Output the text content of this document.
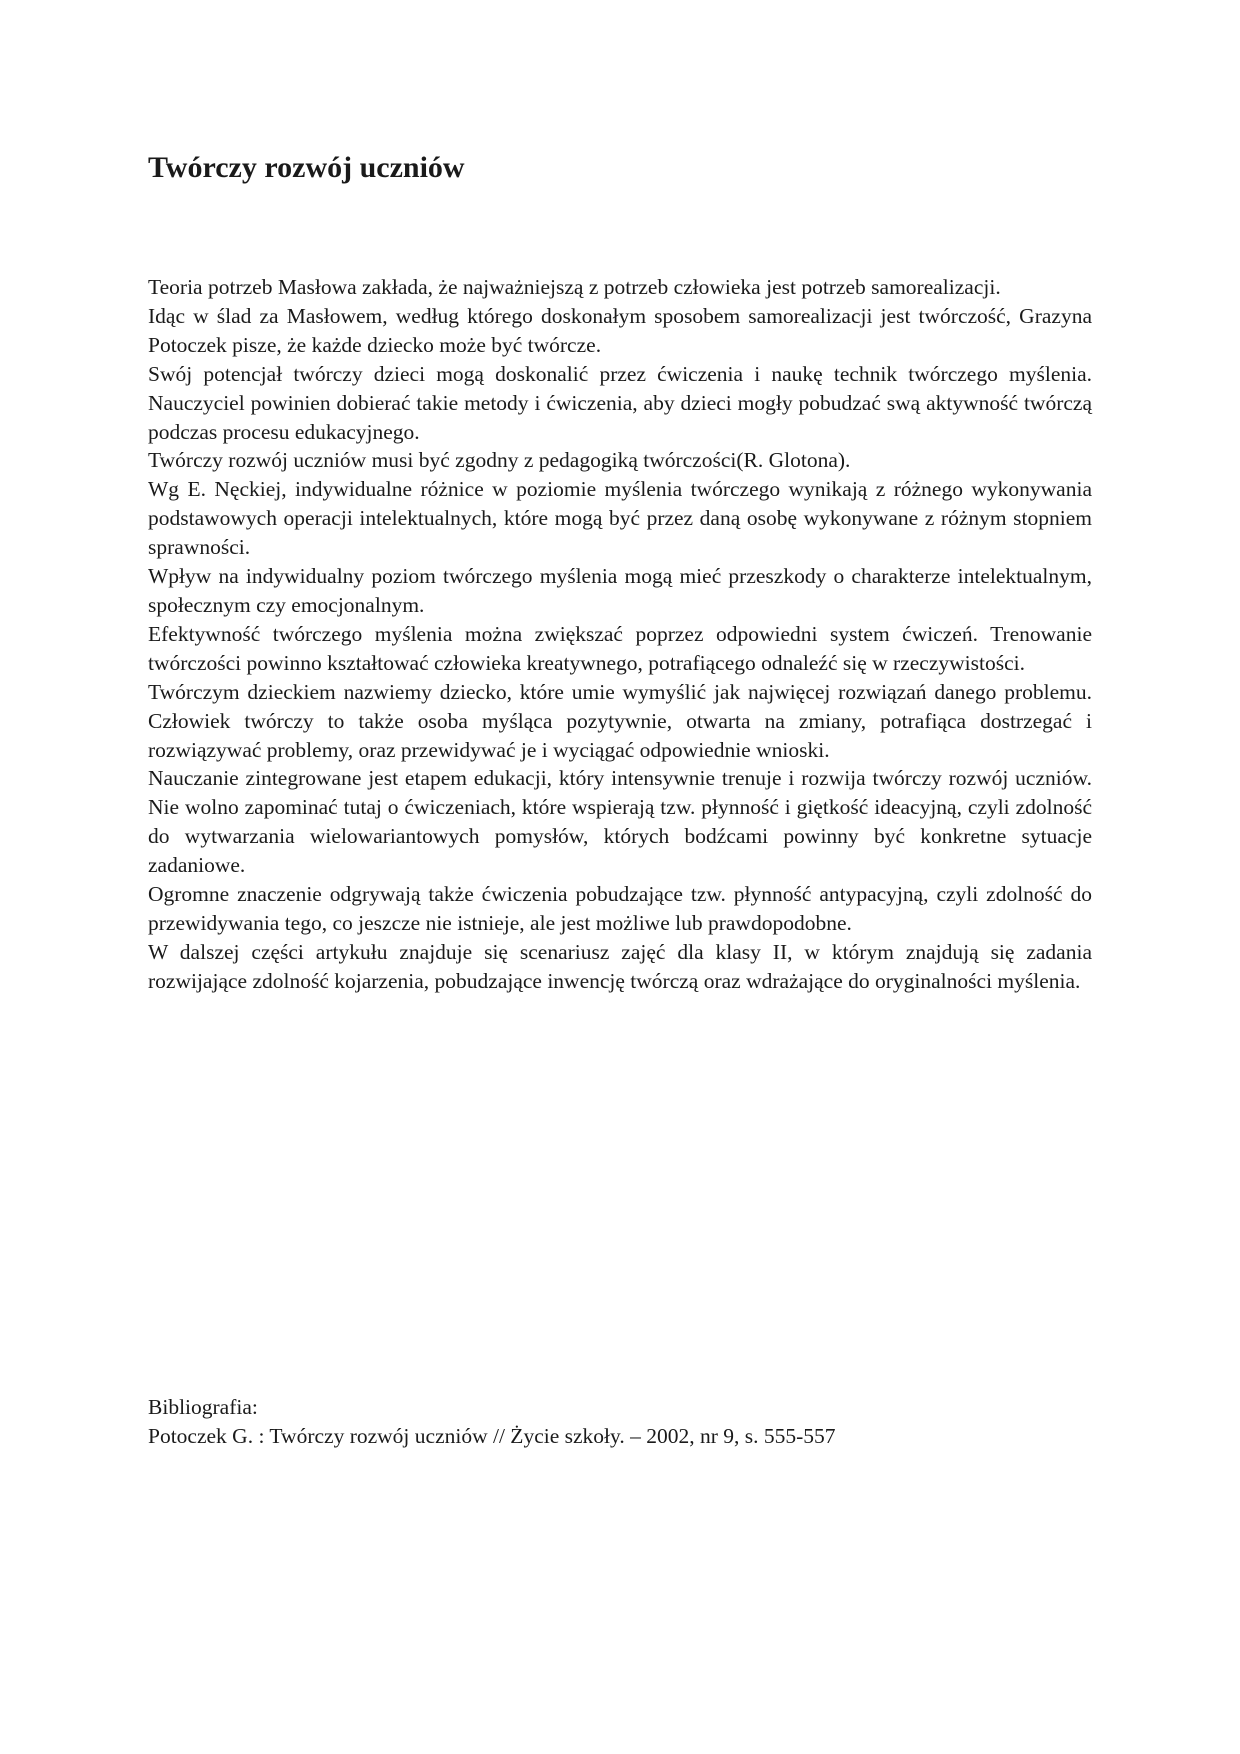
Twórczy rozwój uczniów

Teoria potrzeb Masłowa zakłada, że najważniejszą z potrzeb człowieka jest potrzeb samorealizacji.

Idąc w ślad za Masłowem, według którego doskonałym sposobem samorealizacji jest twórczość, Grazyna Potoczek pisze, że każde dziecko może być twórcze.

Swój potencjał twórczy dzieci mogą doskonalić przez ćwiczenia i naukę technik twórczego myślenia. Nauczyciel powinien dobierać takie metody i ćwiczenia, aby dzieci mogły pobudzać swą aktywność twórczą podczas procesu edukacyjnego.

Twórczy rozwój uczniów musi być zgodny z pedagogiką twórczości(R. Glotona).

Wg E. Nęckiej, indywidualne różnice w poziomie myślenia twórczego wynikają z różnego wykonywania podstawowych operacji intelektualnych, które mogą być przez daną osobę wykonywane z różnym stopniem sprawności.

Wpływ na indywidualny poziom twórczego myślenia mogą mieć przeszkody o charakterze intelektualnym, społecznym czy emocjonalnym.

Efektywność twórczego myślenia można zwiększać poprzez odpowiedni system ćwiczeń. Trenowanie twórczości powinno kształtować człowieka kreatywnego, potrafiącego odnaleźć się w rzeczywistości.

Twórczym dzieckiem nazwiemy dziecko, które umie wymyślić jak najwięcej rozwiązań danego problemu. Człowiek twórczy to także osoba myśląca pozytywnie, otwarta na zmiany, potrafiąca dostrzegać i rozwiązywać problemy, oraz przewidywać je i wyciągać odpowiednie wnioski.

Nauczanie zintegrowane jest etapem edukacji, który intensywnie trenuje i rozwija twórczy rozwój uczniów. Nie wolno zapominać tutaj o ćwiczeniach, które wspierają tzw. płynność i giętkość ideacyjną, czyli zdolność do wytwarzania wielowariantowych pomysłów, których bodźcami powinny być konkretne sytuacje zadaniowe.

Ogromne znaczenie odgrywają także ćwiczenia pobudzające tzw. płynność antypacyjną, czyli zdolność do przewidywania tego, co jeszcze nie istnieje, ale jest możliwe lub prawdopodobne.

W dalszej części artykułu znajduje się scenariusz zajęć dla klasy II, w którym znajdują się zadania rozwijające zdolność kojarzenia, pobudzające inwencję twórczą oraz wdrażające do oryginalności myślenia.

Bibliografia:

Potoczek G. : Twórczy rozwój uczniów // Życie szkoły. – 2002, nr 9, s. 555-557
